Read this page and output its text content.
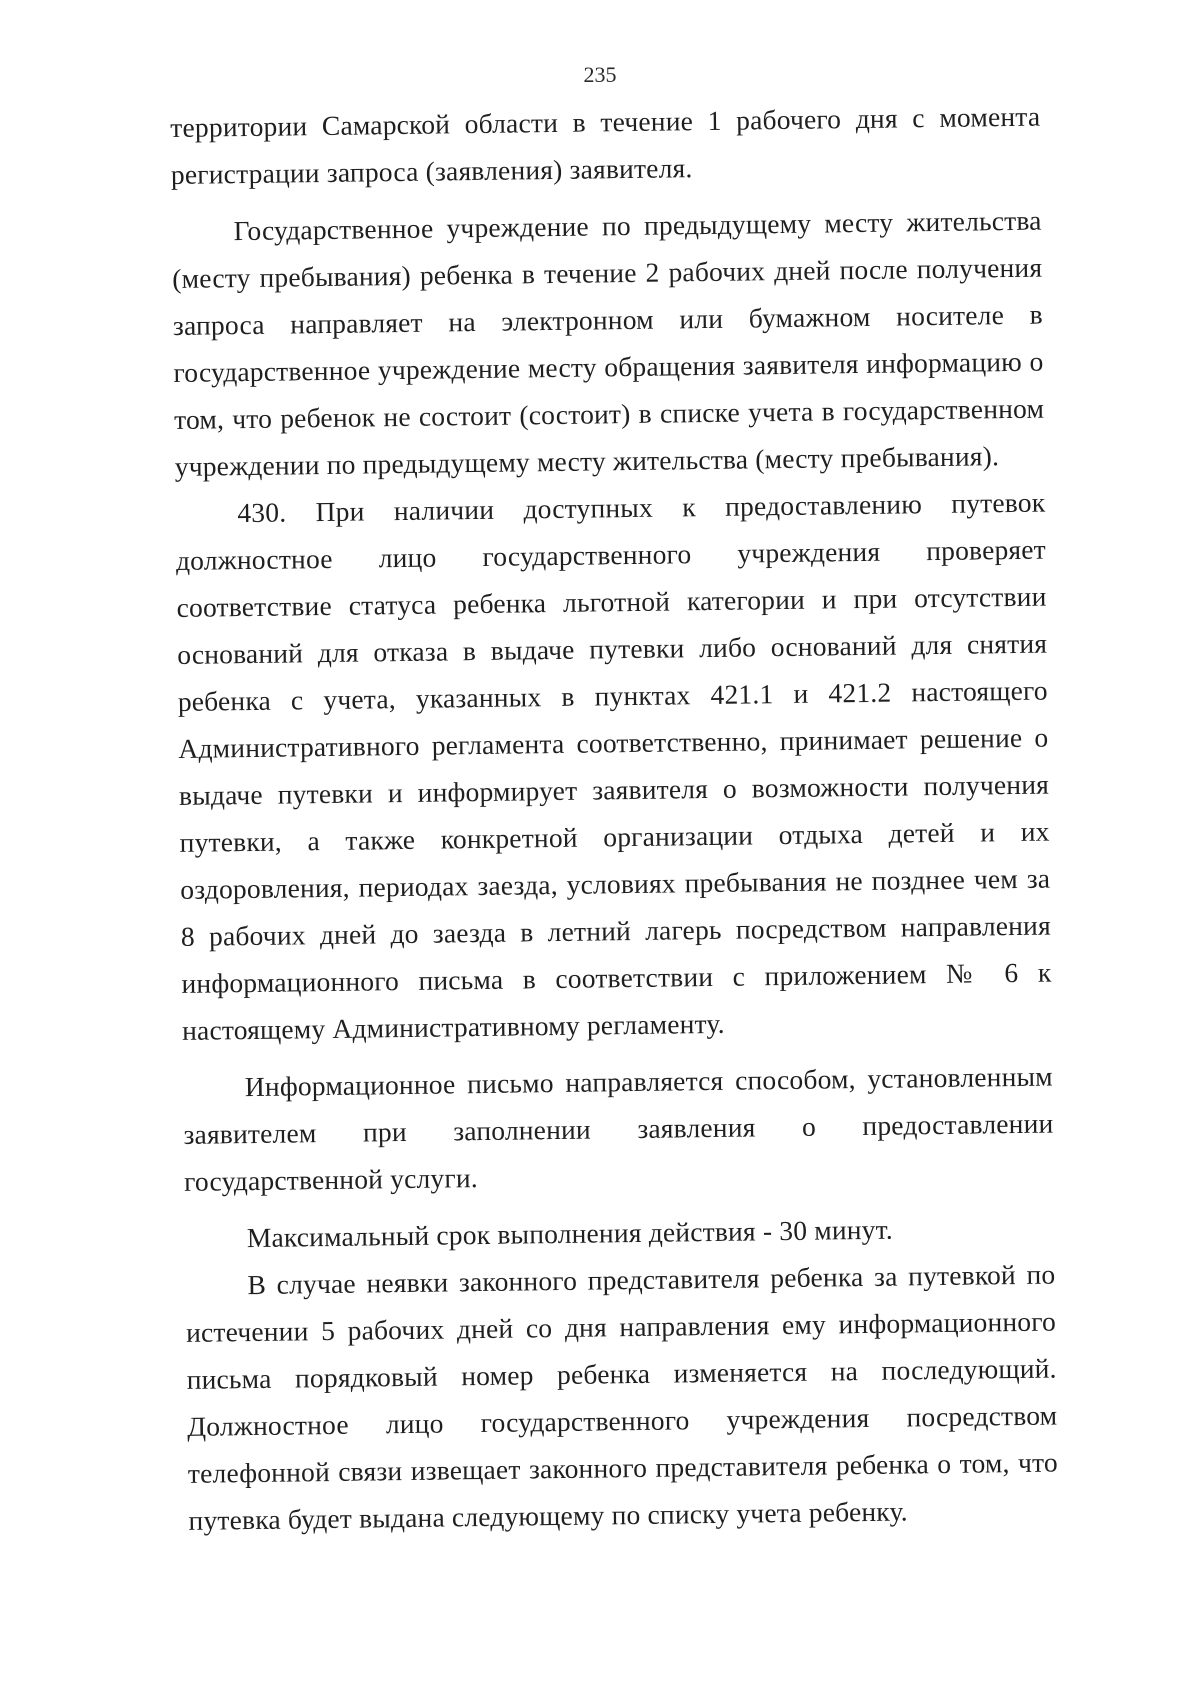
235

территории Самарской области в течение 1 рабочего дня с момента регистрации запроса (заявления) заявителя.

Государственное учреждение по предыдущему месту жительства (месту пребывания) ребенка в течение 2 рабочих дней после получения запроса направляет на электронном или бумажном носителе в государственное учреждение месту обращения заявителя информацию о том, что ребенок не состоит (состоит) в списке учета в государственном учреждении по предыдущему месту жительства (месту пребывания).

430. При наличии доступных к предоставлению путевок должностное лицо государственного учреждения проверяет соответствие статуса ребенка льготной категории и при отсутствии оснований для отказа в выдаче путевки либо оснований для снятия ребенка с учета, указанных в пунктах 421.1 и 421.2 настоящего Административного регламента соответственно, принимает решение о выдаче путевки и информирует заявителя о возможности получения путевки, а также конкретной организации отдыха детей и их оздоровления, периодах заезда, условиях пребывания не позднее чем за 8 рабочих дней до заезда в летний лагерь посредством направления информационного письма в соответствии с приложением № 6 к настоящему Административному регламенту.

Информационное письмо направляется способом, установленным заявителем при заполнении заявления о предоставлении государственной услуги.

Максимальный срок выполнения действия - 30 минут.

В случае неявки законного представителя ребенка за путевкой по истечении 5 рабочих дней со дня направления ему информационного письма порядковый номер ребенка изменяется на последующий. Должностное лицо государственного учреждения посредством телефонной связи извещает законного представителя ребенка о том, что путевка будет выдана следующему по списку учета ребенку.
